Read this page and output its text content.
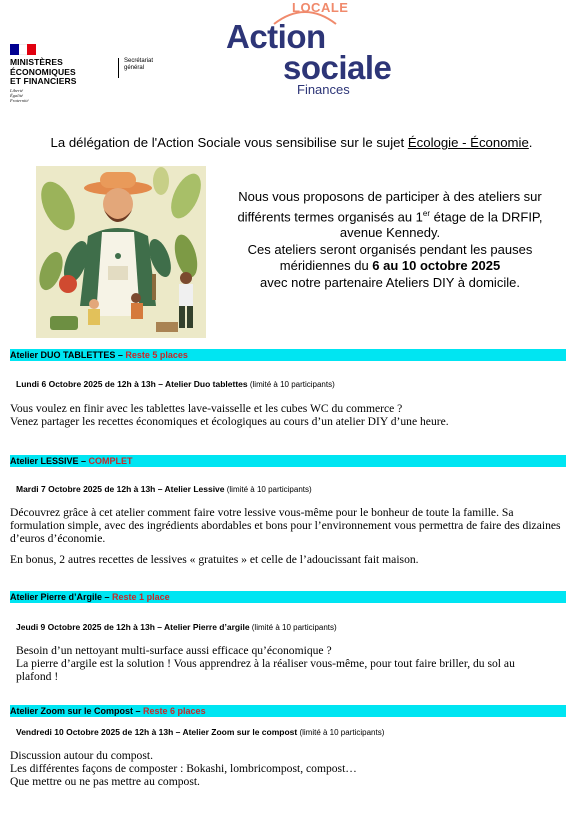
MINISTÈRES
ÉCONOMIQUES
ET FINANCIERS
Liberté
Égalité
Fraternité
Secrétariat
général
LOCALE
Action
sociale
Finances
La délégation de l'Action Sociale vous sensibilise sur le sujet Écologie - Économie.
Nous vous proposons de participer à des ateliers sur
différents termes organisés au 1er étage de la DRFIP,
avenue Kennedy.
Ces ateliers seront organisés pendant les pauses
méridiennes du 6 au 10 octobre 2025
avec notre partenaire Ateliers DIY à domicile.
Atelier DUO TABLETTES – Reste 5 places
Lundi 6 Octobre 2025 de 12h à 13h – Atelier Duo tablettes (limité à 10 participants)
Vous voulez en finir avec les tablettes lave-vaisselle et les cubes WC du commerce ?
Venez partager les recettes économiques et écologiques au cours d’un atelier DIY d’une heure.
Atelier LESSIVE – COMPLET
Mardi 7 Octobre 2025 de 12h à 13h – Atelier Lessive (limité à 10 participants)
Découvrez grâce à cet atelier comment faire votre lessive vous-même pour le bonheur de toute la famille. Sa formulation simple, avec des ingrédients abordables et bons pour l’environnement vous permettra de faire des dizaines d’euros d’économie.
En bonus, 2 autres recettes de lessives « gratuites » et celle de l’adoucissant fait maison.
Atelier Pierre d’Argile – Reste 1 place
Jeudi 9 Octobre 2025 de 12h à 13h – Atelier Pierre d’argile (limité à 10 participants)
Besoin d’un nettoyant multi-surface aussi efficace qu’économique ?
La pierre d’argile est la solution ! Vous apprendrez à la réaliser vous-même, pour tout faire briller, du sol au plafond !
Atelier Zoom sur le Compost – Reste 6 places
Vendredi 10 Octobre 2025 de 12h à 13h – Atelier Zoom sur le compost (limité à 10 participants)
Discussion autour du compost.
Les différentes façons de composter : Bokashi, lombricompost, compost…
Que mettre ou ne pas mettre au compost.
